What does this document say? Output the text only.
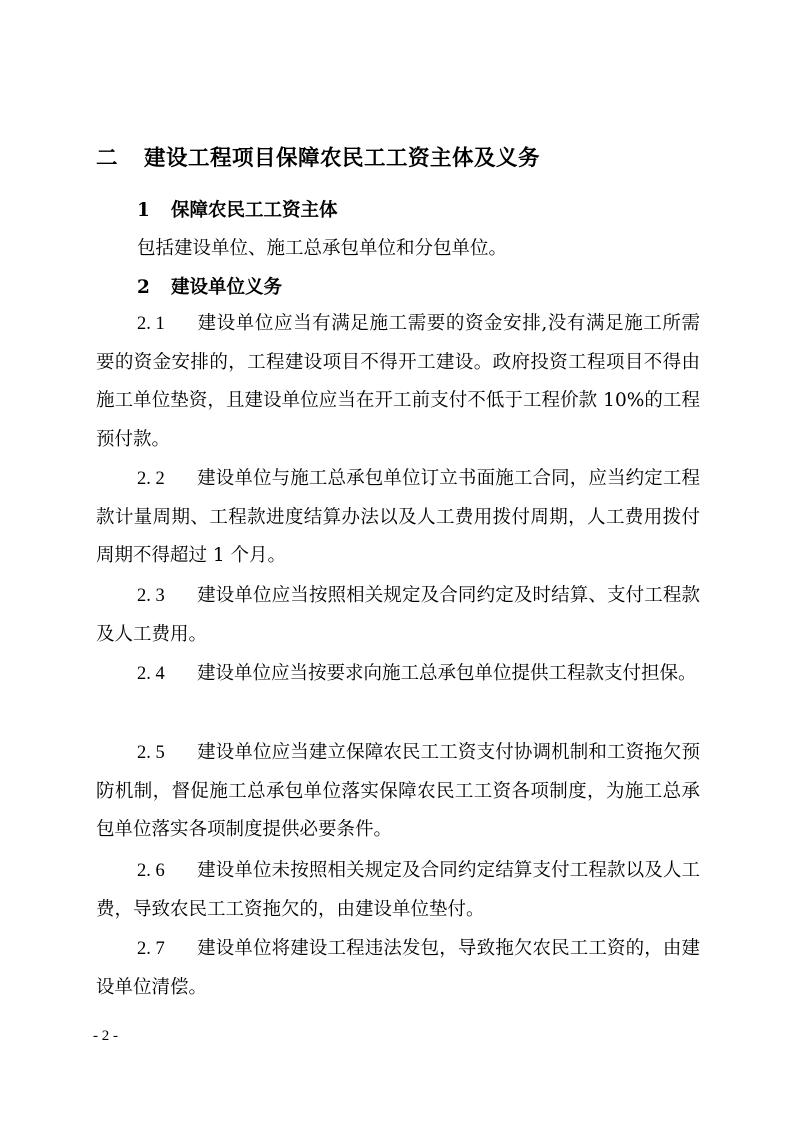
二 建设工程项目保障农民工工资主体及义务
1 保障农民工工资主体
包括建设单位、施工总承包单位和分包单位。
2 建设单位义务
2. 1 建设单位应当有满足施工需要的资金安排,没有满足施工所需要的资金安排的，工程建设项目不得开工建设。政府投资工程项目不得由施工单位垫资，且建设单位应当在开工前支付不低于工程价款 10%的工程预付款。
2. 2 建设单位与施工总承包单位订立书面施工合同，应当约定工程款计量周期、工程款进度结算办法以及人工费用拨付周期，人工费用拨付周期不得超过 1 个月。
2. 3 建设单位应当按照相关规定及合同约定及时结算、支付工程款及人工费用。
2. 4 建设单位应当按要求向施工总承包单位提供工程款支付担保。
2. 5 建设单位应当建立保障农民工工资支付协调机制和工资拖欠预防机制，督促施工总承包单位落实保障农民工工资各项制度，为施工总承包单位落实各项制度提供必要条件。
2. 6 建设单位未按照相关规定及合同约定结算支付工程款以及人工费，导致农民工工资拖欠的，由建设单位垫付。
2. 7 建设单位将建设工程违法发包，导致拖欠农民工工资的，由建设单位清偿。
- 2 -
